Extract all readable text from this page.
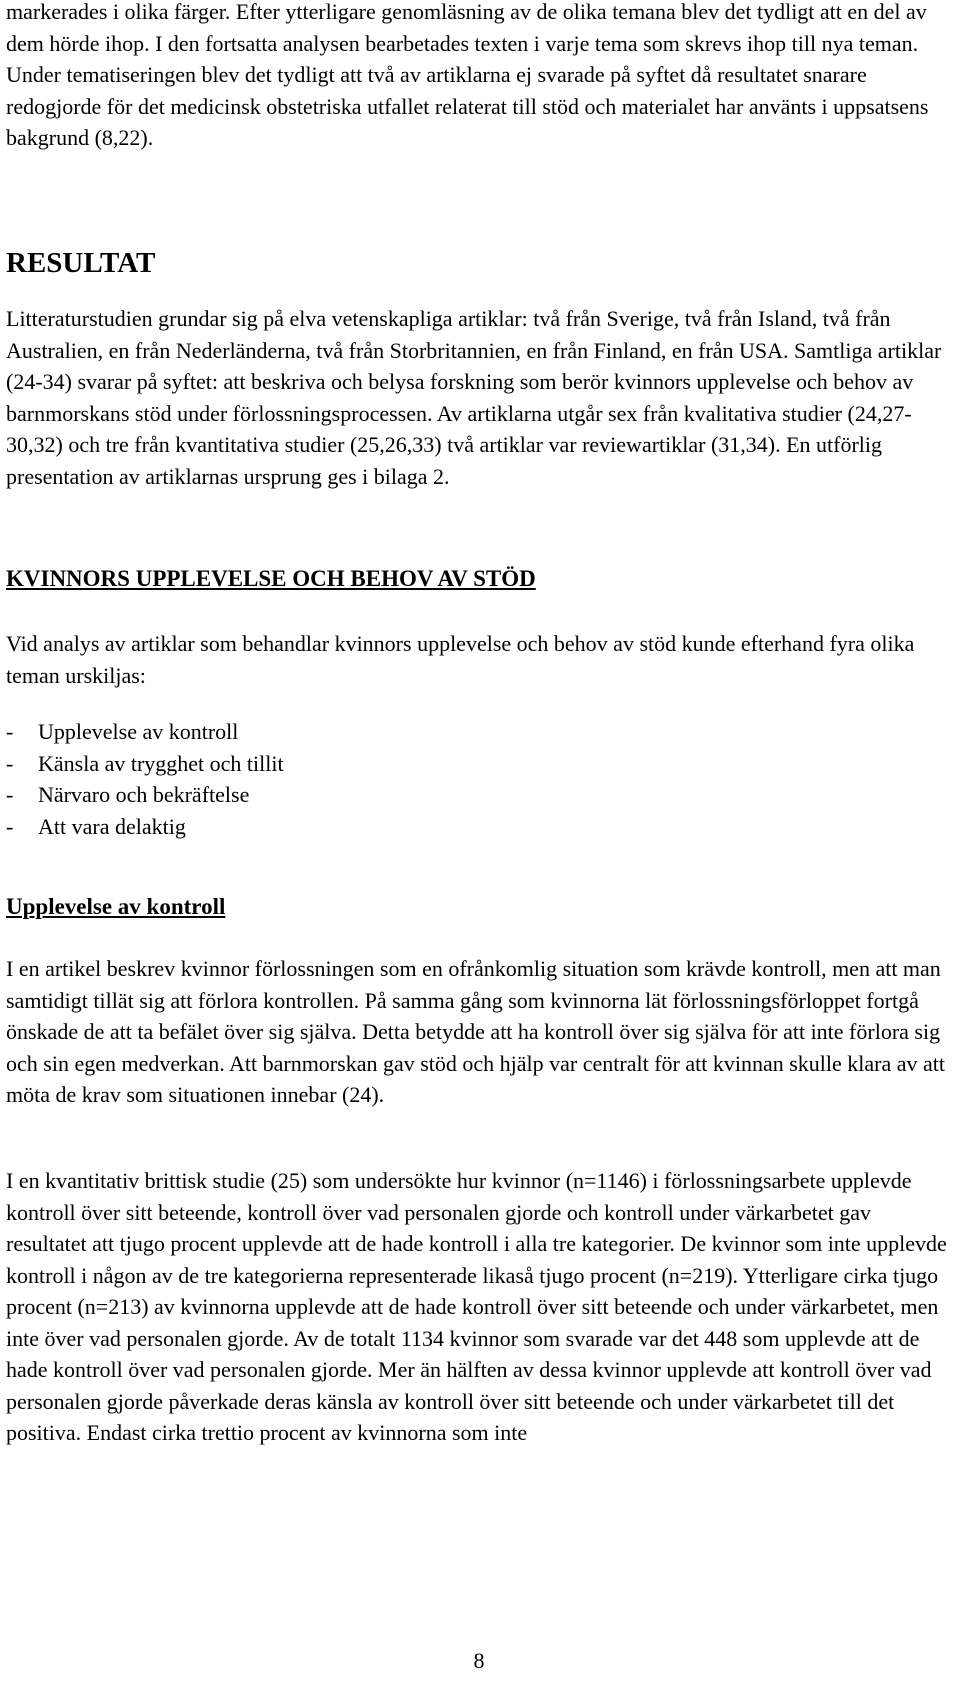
markerades i olika färger. Efter ytterligare genomläsning av de olika temana blev det tydligt att en del av dem hörde ihop. I den fortsatta analysen bearbetades texten i varje tema som skrevs ihop till nya teman. Under tematiseringen blev det tydligt att två av artiklarna ej svarade på syftet då resultatet snarare redogjorde för det medicinsk obstetriska utfallet relaterat till stöd och materialet har använts i uppsatsens bakgrund (8,22).

RESULTAT

Litteraturstudien grundar sig på elva vetenskapliga artiklar: två från Sverige, två från Island, två från Australien, en från Nederländerna, två från Storbritannien, en från Finland, en från USA. Samtliga artiklar (24-34) svarar på syftet: att beskriva och belysa forskning som berör kvinnors upplevelse och behov av barnmorskans stöd under förlossningsprocessen. Av artiklarna utgår sex från kvalitativa studier (24,27-30,32) och tre från kvantitativa studier (25,26,33) två artiklar var reviewartiklar (31,34). En utförlig presentation av artiklarnas ursprung ges i bilaga 2.

KVINNORS UPPLEVELSE OCH BEHOV AV STÖD

Vid analys av artiklar som behandlar kvinnors upplevelse och behov av stöd kunde efterhand fyra olika teman urskiljas:

-	Upplevelse av kontroll
-	Känsla av trygghet och tillit
-	Närvaro och bekräftelse
-	Att vara delaktig
Upplevelse av kontroll

I en artikel beskrev kvinnor förlossningen som en ofrånkomlig situation som krävde kontroll, men att man samtidigt tillät sig att förlora kontrollen. På samma gång som kvinnorna lät förlossningsförloppet fortgå önskade de att ta befälet över sig själva. Detta betydde att ha kontroll över sig själva för att inte förlora sig och sin egen medverkan. Att barnmorskan gav stöd och hjälp var centralt för att kvinnan skulle klara av att möta de krav som situationen innebar (24).

I en kvantitativ brittisk studie (25) som undersökte hur kvinnor (n=1146) i förlossningsarbete upplevde kontroll över sitt beteende, kontroll över vad personalen gjorde och kontroll under värkarbetet gav resultatet att tjugo procent upplevde att de hade kontroll i alla tre kategorier. De kvinnor som inte upplevde kontroll i någon av de tre kategorierna representerade likaså tjugo procent (n=219). Ytterligare cirka tjugo procent (n=213) av kvinnorna upplevde att de hade kontroll över sitt beteende och under värkarbetet, men inte över vad personalen gjorde. Av de totalt 1134 kvinnor som svarade var det 448 som upplevde att de hade kontroll över vad personalen gjorde. Mer än hälften av dessa kvinnor upplevde att kontroll över vad personalen gjorde påverkade deras känsla av kontroll över sitt beteende och under värkarbetet till det positiva. Endast cirka trettio procent av kvinnorna som inte

8
